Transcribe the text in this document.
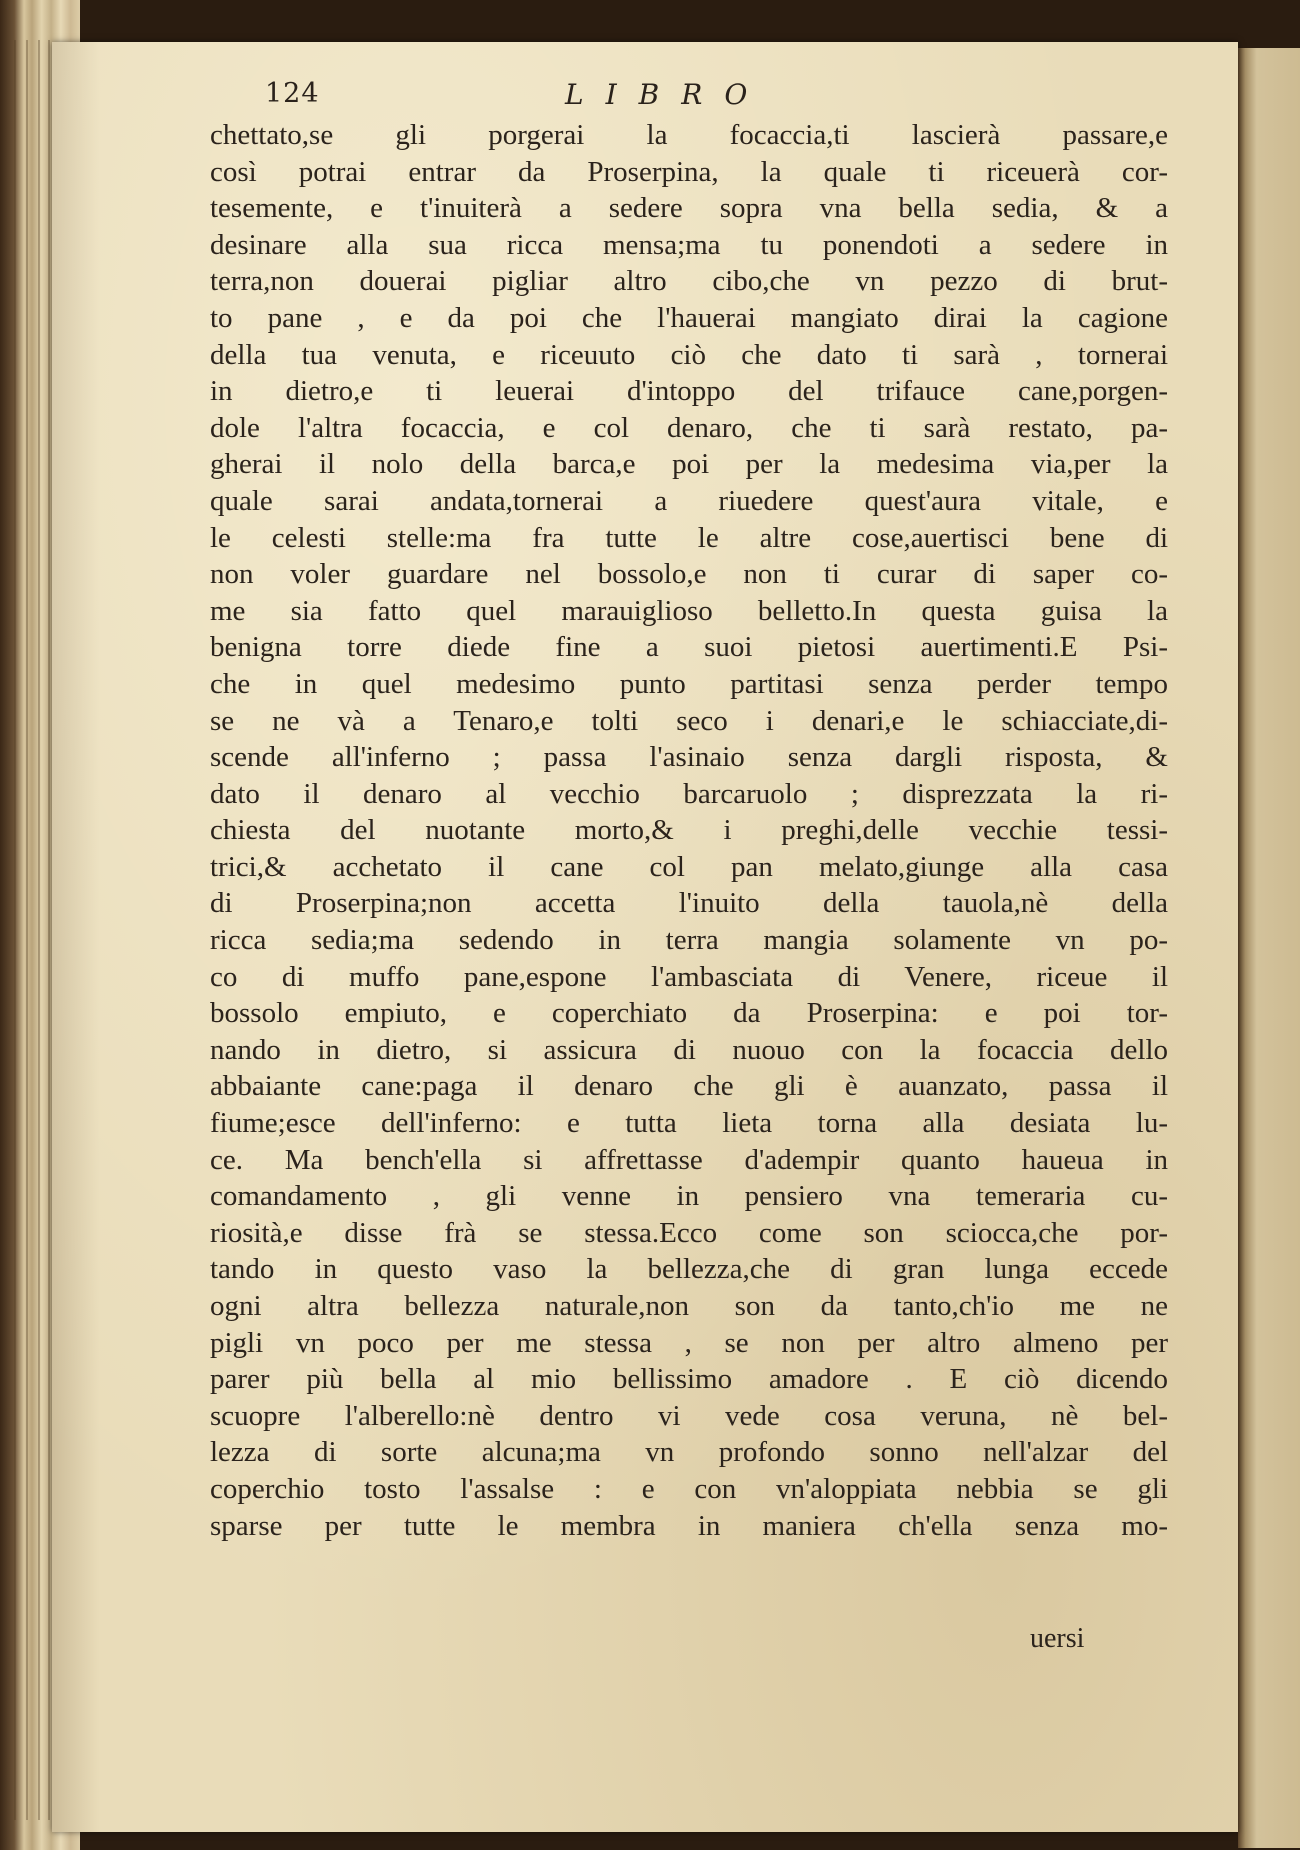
124	LIBRO
chettato,se gli porgerai la focaccia,ti lascierà passare,e
così potrai entrar da Proserpina, la quale ti riceuerà cor-
tesemente, e t'inuiterà a sedere sopra vna bella sedia, & a
desinare alla sua ricca mensa;ma tu ponendoti a sedere in
terra,non douerai pigliar altro cibo,che vn pezzo di brut-
to pane , e da poi che l'hauerai mangiato dirai la cagione
della tua venuta, e riceuuto ciò che dato ti sarà , tornerai
in dietro,e ti leuerai d'intoppo del trifauce cane,porgen-
dole l'altra focaccia, e col denaro, che ti sarà restato, pa-
gherai il nolo della barca,e poi per la medesima via,per la
quale sarai andata,tornerai a riuedere quest'aura vitale, e
le celesti stelle:ma fra tutte le altre cose,auertisci bene di
non voler guardare nel bossolo,e non ti curar di saper co-
me sia fatto quel marauiglioso belletto.In questa guisa la
benigna torre diede fine a suoi pietosi auertimenti.E Psi-
che in quel medesimo punto partitasi senza perder tempo
se ne và a Tenaro,e tolti seco i denari,e le schiacciate,di-
scende all'inferno ; passa l'asinaio senza dargli risposta, &
dato il denaro al vecchio barcaruolo ; disprezzata la ri-
chiesta del nuotante morto,& i preghi,delle vecchie tessi-
trici,& acchetato il cane col pan melato,giunge alla casa
di Proserpina;non accetta l'inuito della tauola,nè della
ricca sedia;ma sedendo in terra mangia solamente vn po-
co di muffo pane,espone l'ambasciata di Venere, riceue il
bossolo empiuto, e coperchiato da Proserpina: e poi tor-
nando in dietro, si assicura di nuouo con la focaccia dello
abbaiante cane:paga il denaro che gli è auanzato, passa il
fiume;esce dell'inferno: e tutta lieta torna alla desiata lu-
ce. Ma bench'ella si affrettasse d'adempir quanto haueua in
comandamento , gli venne in pensiero vna temeraria cu-
riosità,e disse frà se stessa.Ecco come son sciocca,che por-
tando in questo vaso la bellezza,che di gran lunga eccede
ogni altra bellezza naturale,non son da tanto,ch'io me ne
pigli vn poco per me stessa , se non per altro almeno per
parer più bella al mio bellissimo amadore . E ciò dicendo
scuopre l'alberello:nè dentro vi vede cosa veruna, nè bel-
lezza di sorte alcuna;ma vn profondo sonno nell'alzar del
coperchio tosto l'assalse : e con vn'aloppiata nebbia se gli
sparse per tutte le membra in maniera ch'ella senza mo-
uersi
